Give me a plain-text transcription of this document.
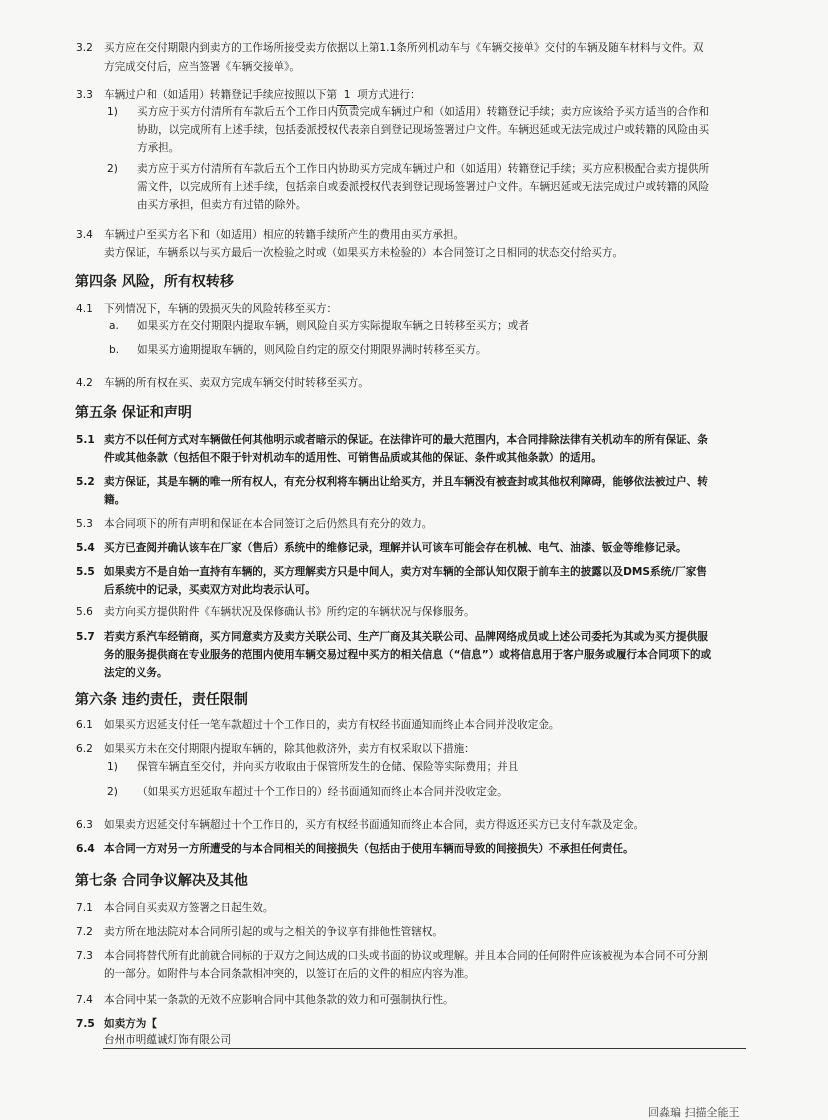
3.2 买方应在交付期限内到卖方的工作场所接受卖方依据以上第1.1条所列机动车与《车辆交接单》交付的车辆及随车材料与文件。双
方完成交付后，应当签署《车辆交接单》。
3.3 车辆过户和（如适用）转籍登记手续应按照以下第 1 项方式进行：
1) 买方应于买方付清所有车款后五个工作日内负责完成车辆过户和（如适用）转籍登记手续；卖方应该给予买方适当的合作和
协助，以完成所有上述手续，包括委派授权代表亲自到登记现场签署过户文件。车辆迟延或无法完成过户或转籍的风险由买
方承担。
2) 卖方应于买方付清所有车款后五个工作日内协助买方完成车辆过户和（如适用）转籍登记手续；买方应积极配合卖方提供所
需文件，以完成所有上述手续，包括亲自或委派授权代表到登记现场签署过户文件。车辆迟延或无法完成过户或转籍的风险
由买方承担，但卖方有过错的除外。
3.4 车辆过户至买方名下和（如适用）相应的转籍手续所产生的费用由买方承担。
卖方保证，车辆系以与买方最后一次检验之时或（如果买方未检验的）本合同签订之日相同的状态交付给买方。
第四条 风险，所有权转移
4.1 下列情况下，车辆的毁损灭失的风险转移至买方：
a. 如果买方在交付期限内提取车辆，则风险自买方实际提取车辆之日转移至买方；或者
b. 如果买方逾期提取车辆的，则风险自约定的原交付期限界满时转移至买方。
4.2 车辆的所有权在买、卖双方完成车辆交付时转移至买方。
第五条 保证和声明
5.1 卖方不以任何方式对车辆做任何其他明示或者暗示的保证。在法律许可的最大范围内，本合同排除法律有关机动车的所有保证、条
件或其他条款（包括但不限于针对机动车的适用性、可销售品质或其他的保证、条件或其他条款）的适用。
5.2 卖方保证，其是车辆的唯一所有权人，有充分权利将车辆出让给买方，并且车辆没有被查封或其他权利障碍，能够依法被过户、转
籍。
5.3 本合同项下的所有声明和保证在本合同签订之后仍然具有充分的效力。
5.4 买方已查阅并确认该车在厂家（售后）系统中的维修记录，理解并认可该车可能会存在机械、电气、油漆、钣金等维修记录。
5.5 如果卖方不是自始一直持有车辆的，买方理解卖方只是中间人，卖方对车辆的全部认知仅限于前车主的披露以及DMS系统/厂家售
后系统中的记录，买卖双方对此均表示认可。
5.6 卖方向买方提供附件《车辆状况及保修确认书》所约定的车辆状况与保修服务。
5.7 若卖方系汽车经销商，买方同意卖方及卖方关联公司、生产厂商及其关联公司、品牌网络成员或上述公司委托为其或为买方提供服
务的服务提供商在专业服务的范围内使用车辆交易过程中买方的相关信息（“信息”）或将信息用于客户服务或履行本合同项下的或
法定的义务。
第六条 违约责任，责任限制
6.1 如果买方迟延支付任一笔车款超过十个工作日的，卖方有权经书面通知而终止本合同并没收定金。
6.2 如果买方未在交付期限内提取车辆的，除其他救济外，卖方有权采取以下措施：
1) 保管车辆直至交付，并向买方收取由于保管所发生的仓储、保险等实际费用；并且
2) （如果买方迟延取车超过十个工作日的）经书面通知而终止本合同并没收定金。
6.3 如果卖方迟延交付车辆超过十个工作日的，买方有权经书面通知而终止本合同，卖方得返还买方已支付车款及定金。
6.4 本合同一方对另一方所遭受的与本合同相关的间接损失（包括由于使用车辆而导致的间接损失）不承担任何责任。
第七条 合同争议解决及其他
7.1 本合同自买卖双方签署之日起生效。
7.2 卖方所在地法院对本合同所引起的或与之相关的争议享有排他性管辖权。
7.3 本合同将替代所有此前就合同标的于双方之间达成的口头或书面的协议或理解。并且本合同的任何附件应该被视为本合同不可分割
的一部分。如附件与本合同条款相冲突的，以签订在后的文件的相应内容为准。
7.4 本合同中某一条款的无效不应影响合同中其他条款的效力和可强制执行性。
7.5 如卖方为【
台州市明蕴诚灯饰有限公司
回淼㻞 扫描全能王
